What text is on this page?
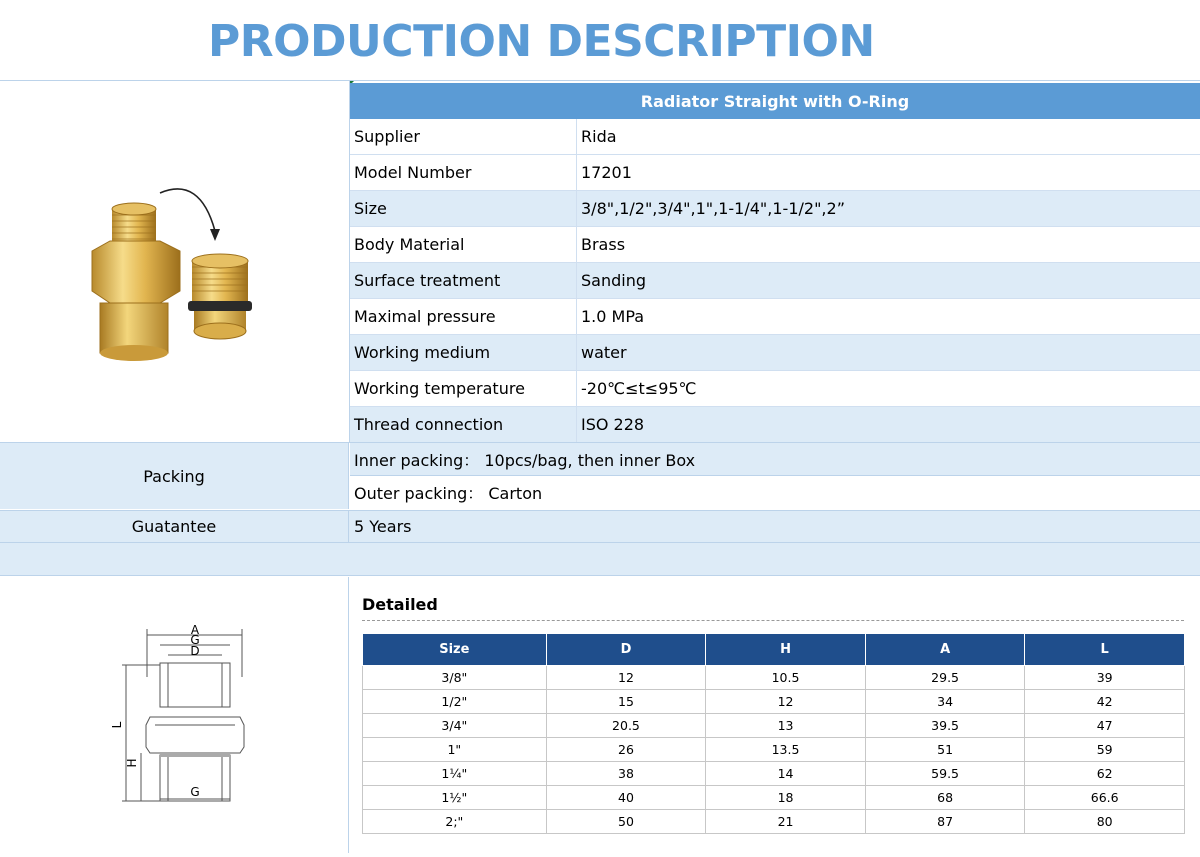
PRODUCTION DESCRIPTION
Radiator Straight with O-Ring
Supplier	Rida
Model Number	17201
Size	3/8",1/2",3/4",1",1-1/4",1-1/2",2”
Body Material	Brass
Surface treatment	Sanding
Maximal pressure	1.0 MPa
Working medium	water
Working temperature	-20℃≤t≤95℃
Thread connection	ISO 228
Packing
Inner packing： 10pcs/bag, then inner Box
Outer packing： Carton
Guatantee	5 Years
A
G
D
L
H
G
Detailed
Size	D	H	A	L
3/8"	12	10.5	29.5	39
1/2"	15	12	34	42
3/4"	20.5	13	39.5	47
1"	26	13.5	51	59
1¼"	38	14	59.5	62
1½"	40	18	68	66.6
2;"	50	21	87	80
